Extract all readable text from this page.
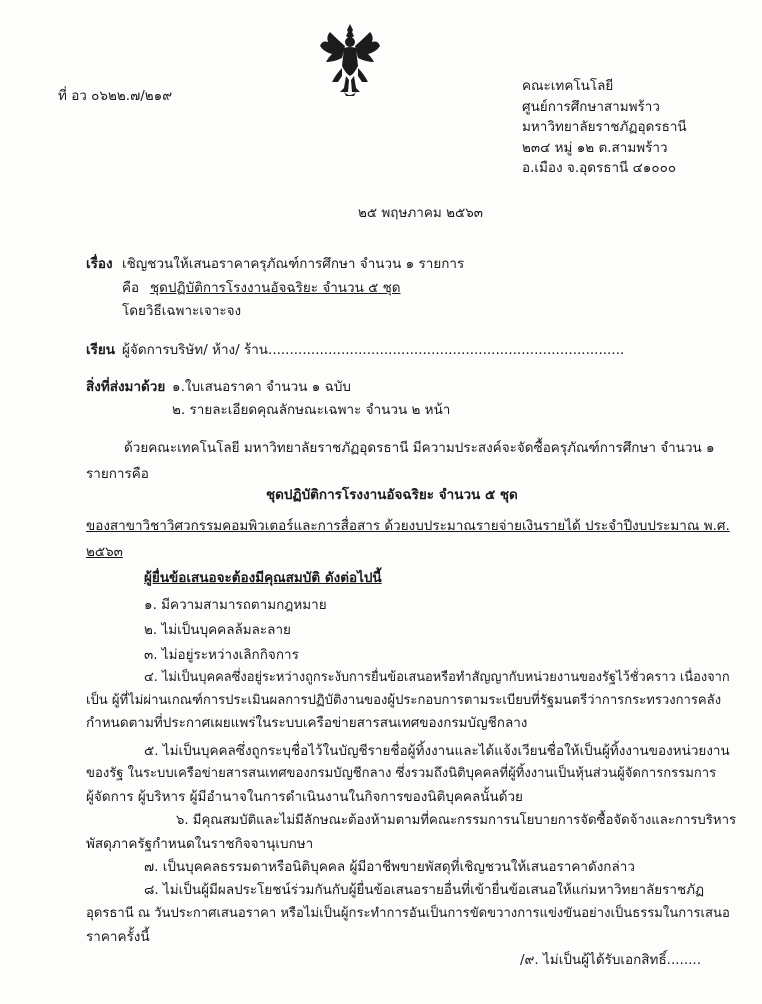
ที่ อว ๐๖๒๒.๗/๒๑๙
คณะเทคโนโลยี
ศูนย์การศึกษาสามพร้าว
มหาวิทยาลัยราชภัฏอุดรธานี
๒๓๔ หมู่ ๑๒ ต.สามพร้าว
อ.เมือง จ.อุดรธานี ๔๑๐๐๐
๒๕ พฤษภาคม ๒๕๖๓
เรื่อง เชิญชวนให้เสนอราคาครุภัณฑ์การศึกษา จำนวน ๑ รายการ
คือ ชุดปฏิบัติการโรงงานอัจฉริยะ จำนวน ๕ ชุด
โดยวิธีเฉพาะเจาะจง
เรียน ผู้จัดการบริษัท/ ห้าง/ ร้าน...................................................................................
สิ่งที่ส่งมาด้วย ๑.ใบเสนอราคา จำนวน ๑ ฉบับ
๒. รายละเอียดคุณลักษณะเฉพาะ จำนวน ๒ หน้า
ด้วยคณะเทคโนโลยี มหาวิทยาลัยราชภัฏอุดรธานี มีความประสงค์จะจัดซื้อครุภัณฑ์การศึกษา จำนวน ๑
รายการคือ
ชุดปฏิบัติการโรงงานอัจฉริยะ จำนวน ๕ ชุด
ของสาขาวิชาวิศวกรรมคอมพิวเตอร์และการสื่อสาร ด้วยงบประมาณรายจ่ายเงินรายได้ ประจำปีงบประมาณ พ.ศ.
๒๕๖๓
ผู้ยื่นข้อเสนอจะต้องมีคุณสมบัติ ดังต่อไปนี้
๑. มีความสามารถตามกฎหมาย
๒. ไม่เป็นบุคคลล้มละลาย
๓. ไม่อยู่ระหว่างเลิกกิจการ
๔. ไม่เป็นบุคคลซึ่งอยู่ระหว่างถูกระงับการยื่นข้อเสนอหรือทำสัญญากับหน่วยงานของรัฐไว้ชั่วคราว เนื่องจาก
เป็น ผู้ที่ไม่ผ่านเกณฑ์การประเมินผลการปฏิบัติงานของผู้ประกอบการตามระเบียบที่รัฐมนตรีว่าการกระทรวงการคลัง
กำหนดตามที่ประกาศเผยแพร่ในระบบเครือข่ายสารสนเทศของกรมบัญชีกลาง
๕. ไม่เป็นบุคคลซึ่งถูกระบุชื่อไว้ในบัญชีรายชื่อผู้ทิ้งงานและได้แจ้งเวียนชื่อให้เป็นผู้ทิ้งงานของหน่วยงาน
ของรัฐ ในระบบเครือข่ายสารสนเทศของกรมบัญชีกลาง ซึ่งรวมถึงนิติบุคคลที่ผู้ทิ้งงานเป็นหุ้นส่วนผู้จัดการกรรมการ
ผู้จัดการ ผู้บริหาร ผู้มีอำนาจในการดำเนินงานในกิจการของนิติบุคคลนั้นด้วย
๖. มีคุณสมบัติและไม่มีลักษณะต้องห้ามตามที่คณะกรรมการนโยบายการจัดซื้อจัดจ้างและการบริหาร
พัสดุภาครัฐกำหนดในราชกิจจานุเบกษา
๗. เป็นบุคคลธรรมดาหรือนิติบุคคล ผู้มีอาชีพขายพัสดุที่เชิญชวนให้เสนอราคาดังกล่าว
๘. ไม่เป็นผู้มีผลประโยชน์ร่วมกันกับผู้ยื่นข้อเสนอรายอื่นที่เข้ายื่นข้อเสนอให้แก่มหาวิทยาลัยราชภัฏ
อุดรธานี ณ วันประกาศเสนอราคา หรือไม่เป็นผู้กระทำการอันเป็นการขัดขวางการแข่งขันอย่างเป็นธรรมในการเสนอ
ราคาครั้งนี้
/๙. ไม่เป็นผู้ได้รับเอกสิทธิ์........
